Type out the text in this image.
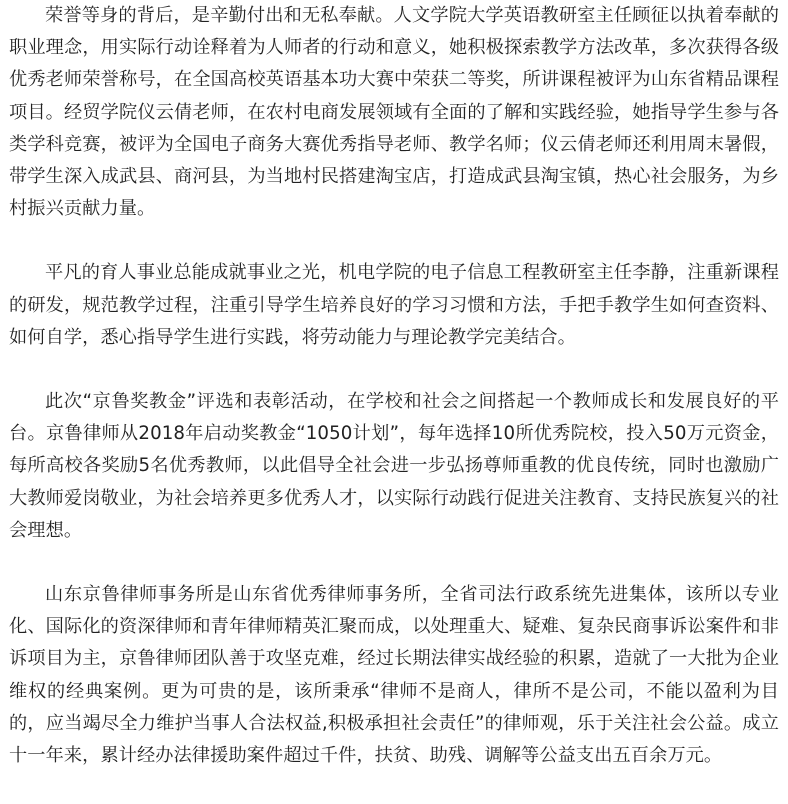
荣誉等身的背后，是辛勤付出和无私奉献。人文学院大学英语教研室主任顾征以执着奉献的职业理念，用实际行动诠释着为人师者的行动和意义，她积极探索教学方法改革，多次获得各级优秀老师荣誉称号，在全国高校英语基本功大赛中荣获二等奖，所讲课程被评为山东省精品课程项目。经贸学院仪云倩老师，在农村电商发展领域有全面的了解和实践经验，她指导学生参与各类学科竞赛，被评为全国电子商务大赛优秀指导老师、教学名师；仪云倩老师还利用周末暑假，带学生深入成武县、商河县，为当地村民搭建淘宝店，打造成武县淘宝镇，热心社会服务，为乡村振兴贡献力量。

平凡的育人事业总能成就事业之光，机电学院的电子信息工程教研室主任李静，注重新课程的研发，规范教学过程，注重引导学生培养良好的学习习惯和方法，手把手教学生如何查资料、如何自学，悉心指导学生进行实践，将劳动能力与理论教学完美结合。

此次“京鲁奖教金”评选和表彰活动，在学校和社会之间搭起一个教师成长和发展良好的平台。京鲁律师从2018年启动奖教金“1050计划”，每年选择10所优秀院校，投入50万元资金，每所高校各奖励5名优秀教师，以此倡导全社会进一步弘扬尊师重教的优良传统，同时也激励广大教师爱岗敬业，为社会培养更多优秀人才，以实际行动践行促进关注教育、支持民族复兴的社会理想。

山东京鲁律师事务所是山东省优秀律师事务所，全省司法行政系统先进集体，该所以专业化、国际化的资深律师和青年律师精英汇聚而成，以处理重大、疑难、复杂民商事诉讼案件和非诉项目为主，京鲁律师团队善于攻坚克难，经过长期法律实战经验的积累，造就了一大批为企业维权的经典案例。更为可贵的是，该所秉承“律师不是商人，律所不是公司，不能以盈利为目的，应当竭尽全力维护当事人合法权益,积极承担社会责任”的律师观，乐于关注社会公益。成立十一年来，累计经办法律援助案件超过千件，扶贫、助残、调解等公益支出五百余万元。
